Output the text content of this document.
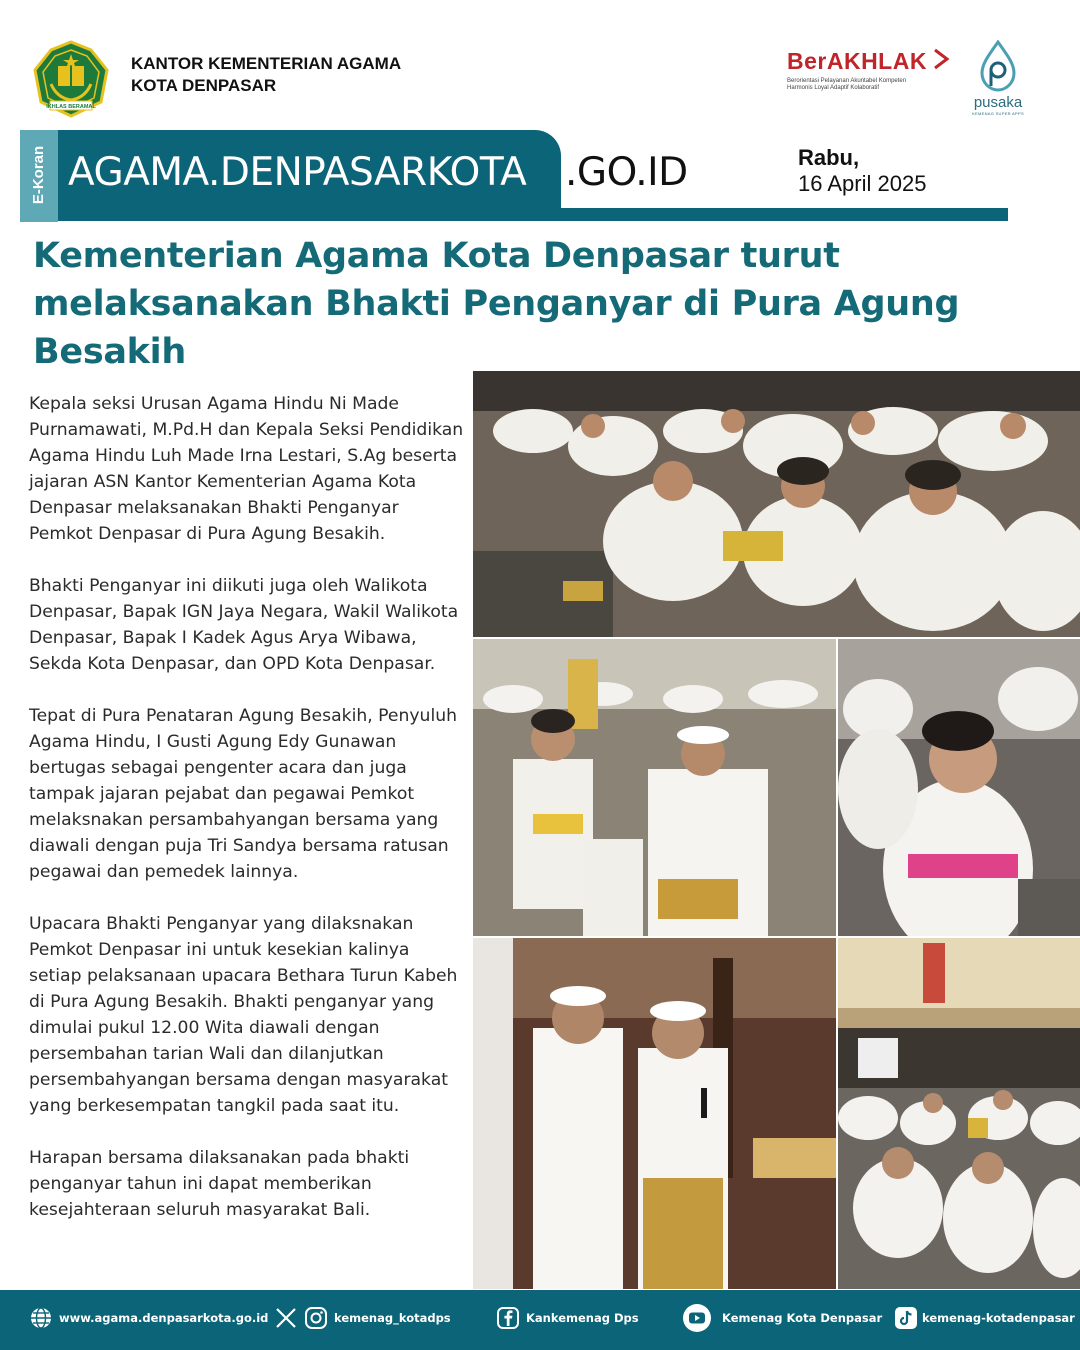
IKHLAS BERAMAL
KANTOR KEMENTERIAN AGAMA
KOTA DENPASAR
BerAKHLAK
Berorientasi Pelayanan Akuntabel Kompeten
Harmonis Loyal Adaptif Kolaboratif
pusaka
KEMENAG SUPER APPS
E-Koran AGAMA.DENPASARKOTA .GO.ID	Rabu,
16 April 2025
Kementerian Agama Kota Denpasar turut melaksanakan Bhakti Penganyar di Pura Agung Besakih

Kepala seksi Urusan Agama Hindu Ni Made Purnamawati, M.Pd.H dan Kepala Seksi Pendidikan Agama Hindu Luh Made Irna Lestari, S.Ag beserta jajaran ASN Kantor Kementerian Agama Kota Denpasar melaksanakan Bhakti Penganyar Pemkot Denpasar di Pura Agung Besakih.

Bhakti Penganyar ini diikuti juga oleh Walikota Denpasar, Bapak IGN Jaya Negara, Wakil Walikota Denpasar, Bapak I Kadek Agus Arya Wibawa, Sekda Kota Denpasar, dan OPD Kota Denpasar.

Tepat di Pura Penataran Agung Besakih, Penyuluh Agama Hindu, I Gusti Agung Edy Gunawan bertugas sebagai pengenter acara dan juga tampak jajaran pejabat dan pegawai Pemkot melaksnakan persambahyangan bersama yang diawali dengan puja Tri Sandya bersama ratusan pegawai dan pemedek lainnya.

Upacara Bhakti Penganyar yang dilaksnakan Pemkot Denpasar ini untuk kesekian kalinya setiap pelaksanaan upacara Bethara Turun Kabeh di Pura Agung Besakih. Bhakti penganyar yang dimulai pukul 12.00 Wita diawali dengan persembahan tarian Wali dan dilanjutkan persembahyangan bersama dengan masyarakat yang berkesempatan tangkil pada saat itu.

Harapan bersama dilaksanakan pada bhakti penganyar tahun ini dapat memberikan kesejahteraan seluruh masyarakat Bali.

www.agama.denpasarkota.go.id	kemenag_kotadps	Kankemenag Dps	Kemenag Kota Denpasar	kemenag-kotadenpasar
